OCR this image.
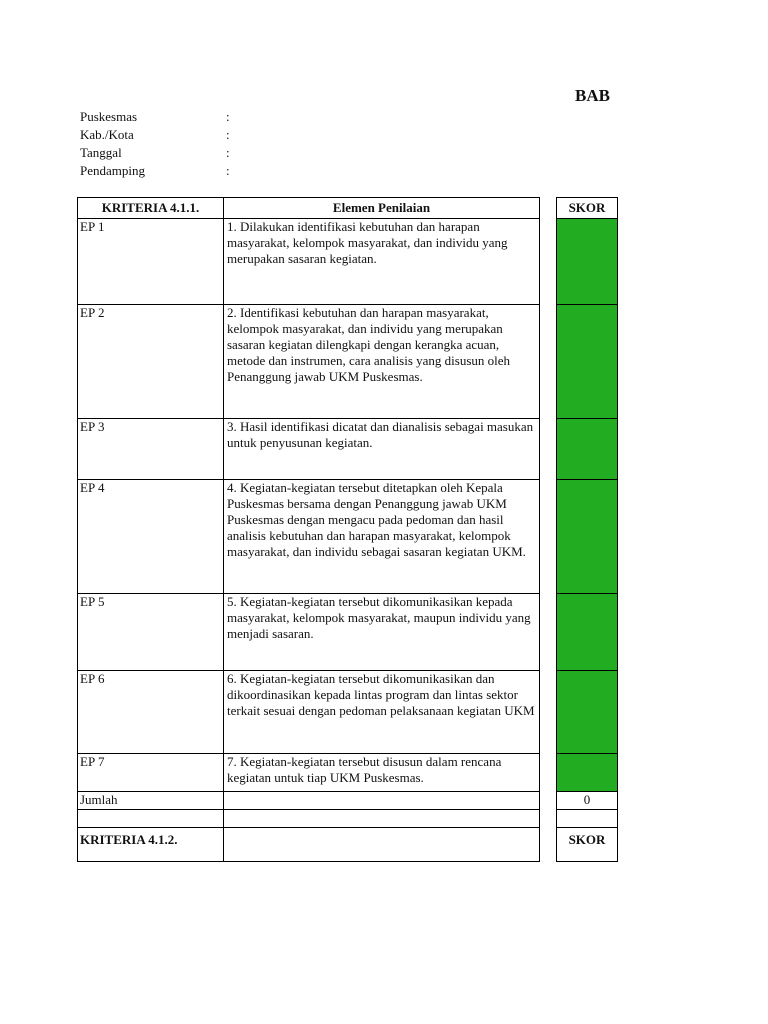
BAB
Puskesmas	:
Kab./Kota	:
Tanggal	:
Pendamping	:
KRITERIA 4.1.1.	Elemen Penilaian		SKOR
EP 1	1. Dilakukan identifikasi kebutuhan dan harapan masyarakat, kelompok masyarakat, dan individu yang merupakan sasaran kegiatan.		
EP 2	2. Identifikasi kebutuhan dan harapan masyarakat, kelompok masyarakat, dan individu yang merupakan sasaran kegiatan dilengkapi dengan kerangka acuan, metode dan instrumen, cara analisis yang disusun oleh Penanggung jawab UKM Puskesmas.		
EP 3	3. Hasil identifikasi dicatat dan dianalisis sebagai masukan untuk penyusunan kegiatan.		
EP 4	4. Kegiatan-kegiatan tersebut ditetapkan oleh Kepala Puskesmas bersama dengan Penanggung jawab UKM Puskesmas dengan mengacu pada pedoman dan hasil analisis kebutuhan dan harapan masyarakat, kelompok masyarakat, dan individu sebagai sasaran kegiatan UKM.		
EP 5	5. Kegiatan-kegiatan tersebut dikomunikasikan kepada masyarakat, kelompok masyarakat, maupun individu yang menjadi sasaran.		
EP 6	6. Kegiatan-kegiatan tersebut dikomunikasikan dan dikoordinasikan kepada lintas program dan lintas sektor terkait sesuai dengan pedoman pelaksanaan kegiatan UKM		
EP 7	7. Kegiatan-kegiatan tersebut disusun dalam rencana kegiatan untuk tiap UKM Puskesmas.		
Jumlah			0

KRITERIA 4.1.2.			SKOR
